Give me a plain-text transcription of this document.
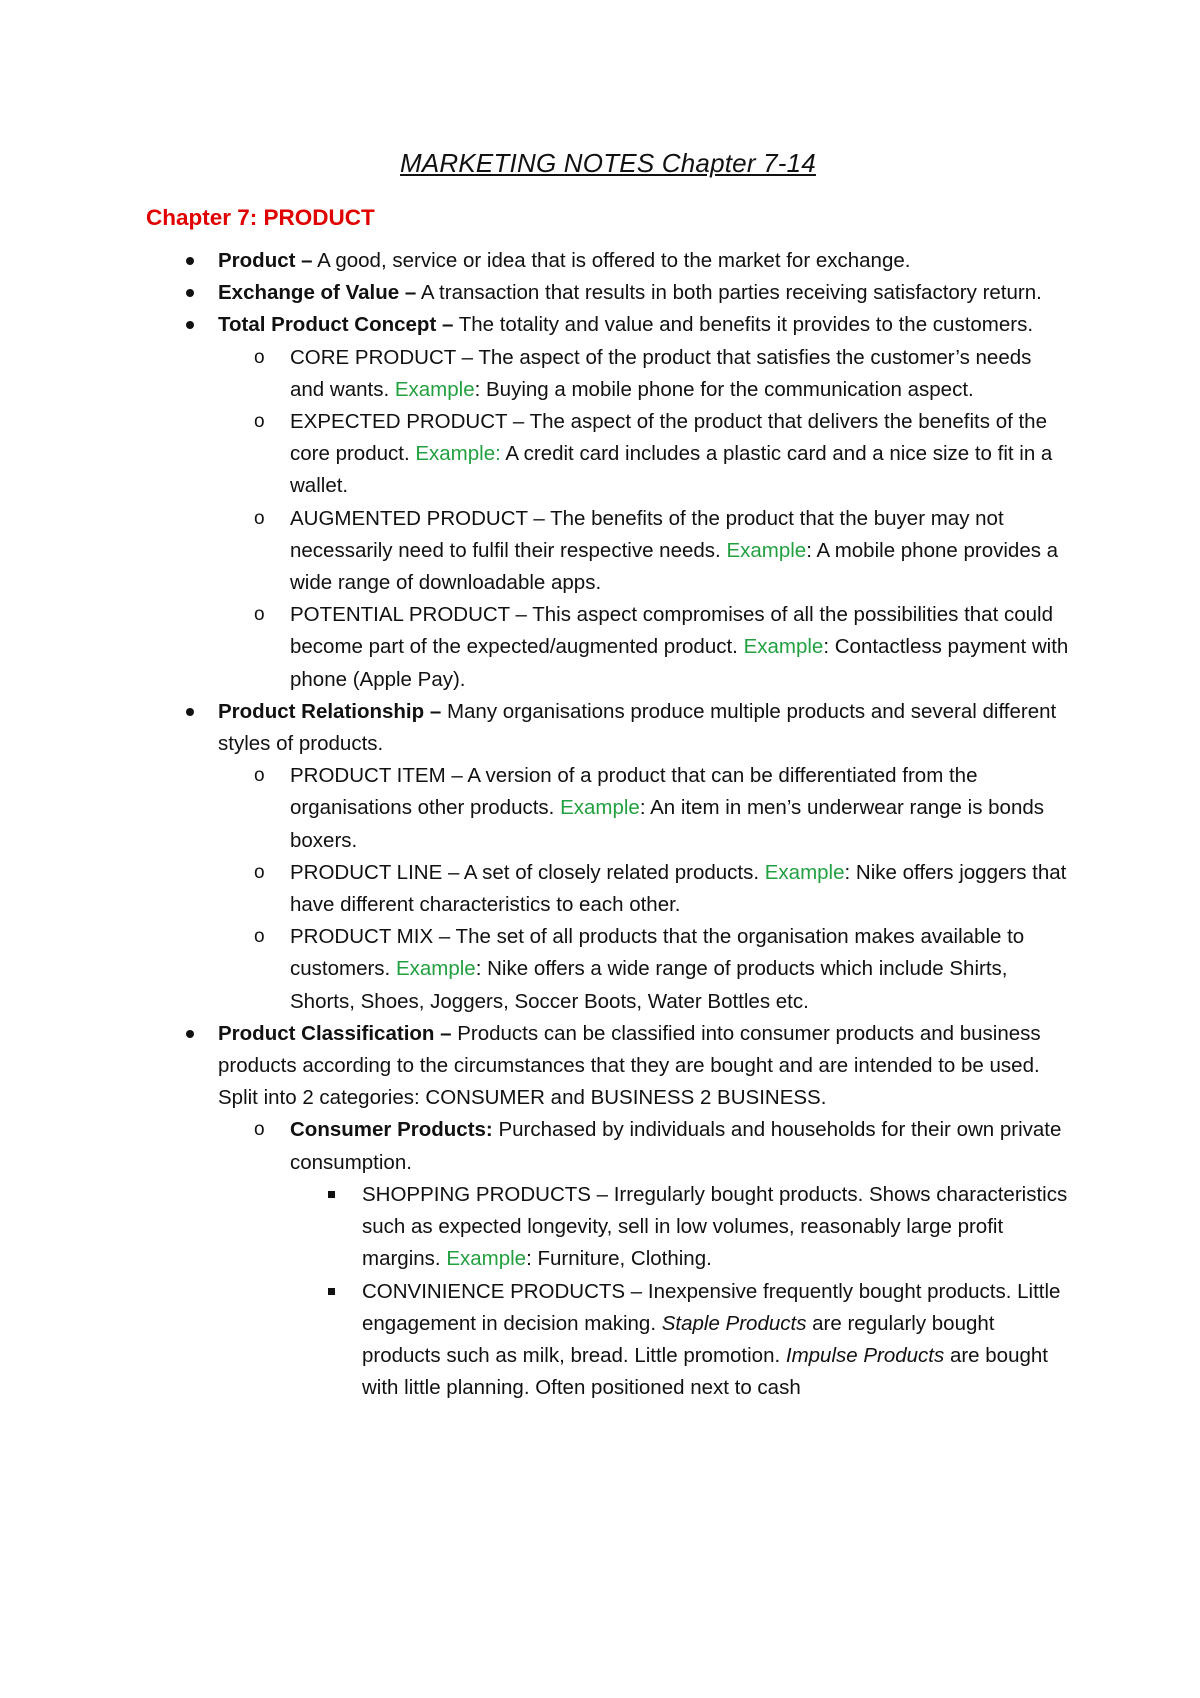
MARKETING NOTES Chapter 7-14
Chapter 7: PRODUCT
Product – A good, service or idea that is offered to the market for exchange.
Exchange of Value – A transaction that results in both parties receiving satisfactory return.
Total Product Concept – The totality and value and benefits it provides to the customers.
o CORE PRODUCT – The aspect of the product that satisfies the customer’s needs and wants. Example: Buying a mobile phone for the communication aspect.
o EXPECTED PRODUCT – The aspect of the product that delivers the benefits of the core product. Example: A credit card includes a plastic card and a nice size to fit in a wallet.
o AUGMENTED PRODUCT – The benefits of the product that the buyer may not necessarily need to fulfil their respective needs. Example: A mobile phone provides a wide range of downloadable apps.
o POTENTIAL PRODUCT – This aspect compromises of all the possibilities that could become part of the expected/augmented product. Example: Contactless payment with phone (Apple Pay).
Product Relationship – Many organisations produce multiple products and several different styles of products.
o PRODUCT ITEM – A version of a product that can be differentiated from the organisations other products. Example: An item in men’s underwear range is bonds boxers.
o PRODUCT LINE – A set of closely related products. Example: Nike offers joggers that have different characteristics to each other.
o PRODUCT MIX – The set of all products that the organisation makes available to customers. Example: Nike offers a wide range of products which include Shirts, Shorts, Shoes, Joggers, Soccer Boots, Water Bottles etc.
Product Classification – Products can be classified into consumer products and business products according to the circumstances that they are bought and are intended to be used. Split into 2 categories: CONSUMER and BUSINESS 2 BUSINESS.
o Consumer Products: Purchased by individuals and households for their own private consumption.
SHOPPING PRODUCTS – Irregularly bought products. Shows characteristics such as expected longevity, sell in low volumes, reasonably large profit margins. Example: Furniture, Clothing.
CONVINIENCE PRODUCTS – Inexpensive frequently bought products. Little engagement in decision making. Staple Products are regularly bought products such as milk, bread. Little promotion. Impulse Products are bought with little planning. Often positioned next to cash
